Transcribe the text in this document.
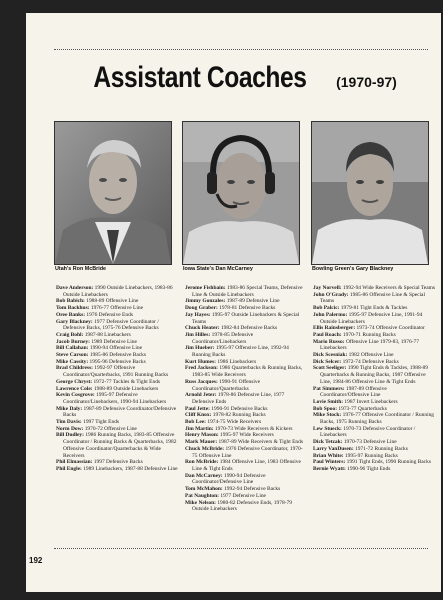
Assistant Coaches (1970-97)
Utah's Ron McBride	Iowa State's Dan McCarney	Bowling Green's Gary Blackney

Dave Anderson: 1990 Outside Linebackers, 1983-86 Outside Linebackers

Bob Babich: 1988-89 Offensive Line

Tom Backhus: 1976-77 Offensive Line

Oree Banks: 1976 Defensive Ends

Gary Blackney: 1977 Defensive Coordinator / Defensive Backs, 1975-76 Defensive Backs

Craig Bohl: 1987-88 Linebackers

Jacob Burney: 1989 Defensive Line

Bill Callahan: 1990-94 Offensive Line

Steve Carson: 1985-86 Defensive Backs

Mike Cassity: 1995-96 Defensive Backs

Brad Childress: 1992-97 Offensive Coordinator/Quarterbacks, 1991 Running Backs

George Chryst: 1972-77 Tackles & Tight Ends

Lawrence Cole: 1988-89 Outside Linebackers

Kevin Cosgrove: 1995-97 Defensive Coordinator/Linebackers, 1990-94 Linebackers

Mike Daly: 1987-89 Defensive Coordinator/Defensive Backs

Tim Davis: 1997 Tight Ends

Norm Dow: 1970-72 Offensive Line

Bill Dudley: 1986 Running Backs, 1983-85 Offensive Coordinator / Running Backs & Quarterbacks, 1982 Offensive Coordinator/Quarterbacks & Wide Receivers

Phil Elmassian: 1997 Defensive Backs

Phil Engle: 1989 Linebackers, 1987-88 Defensive Line

Jerome Fishbain: 1983-86 Special Teams, Defensive Line & Outside Linebackers

Jimmy Gonzales: 1987-89 Defensive Line

Doug Graber: 1978-81 Defensive Backs

Jay Hayes: 1995-97 Outside Linebackers & Special Teams

Chuck Heater: 1982-84 Defensive Backs

Jim Hilles: 1978-85 Defensive Coordinator/Linebackers

Jim Hueber: 1995-97 Offensive Line, 1992-94 Running Backs

Kurt Humes: 1986 Linebackers

Fred Jackson: 1986 Quarterbacks & Running Backs, 1983-85 Wide Receivers

Russ Jacques: 1990-91 Offensive Coordinator/Quarterbacks

Arnold Jeter: 1978-86 Defensive Line, 1977 Defensive Ends

Paul Jette: 1990-91 Defensive Backs

Cliff Knox: 1978-82 Running Backs

Bob Lee: 1974-75 Wide Receivers

Jim Martin: 1970-73 Wide Receivers & Kickers

Henry Mason: 1995-97 Wide Receivers

Mark Mauer: 1987-89 Wide Receivers & Tight Ends

Chuck McBride: 1976 Defensive Coordinator, 1970-75 Offensive Line

Ron McBride: 1984 Offensive Line, 1983 Offensive Line & Tight Ends

Dan McCarney: 1990-94 Defensive Coordinator/Defensive Line

Tom McMahon: 1992-94 Defensive Backs

Pat Naughton: 1977 Defensive Line

Mike Nelson: 1980-82 Defensive Ends, 1978-79 Outside Linebackers

Jay Norvell: 1992-94 Wide Receivers & Special Teams

John O'Grady: 1985-86 Offensive Line & Special Teams

Bob Palcic: 1979-81 Tight Ends & Tackles

John Palermo: 1995-97 Defensive Line, 1991-94 Outside Linebackers

Ellis Rainsberger: 1973-74 Offensive Coordinator

Paul Roach: 1970-71 Running Backs

Mario Russo: Offensive Line 1979-83, 1976-77 Linebackers

Dick Scesniak: 1982 Offensive Line

Dick Selcer: 1972-74 Defensive Backs

Scott Seeliger: 1990 Tight Ends & Tackles, 1988-89 Quarterbacks & Running Backs, 1987 Offensive Line, 1984-86 Offensive Line & Tight Ends

Pat Simmers: 1987-89 Offensive Coordinator/Offensive Line

Lovie Smith: 1987 Invert Linebackers

Bob Spoo: 1973-77 Quarterbacks

Mike Stock: 1976-77 Offensive Coordinator / Running Backs, 1975 Running Backs

Lew Stueck: 1970-73 Defensive Coordinator / Linebackers

Dick Tetzak: 1970-73 Defensive Line

Larry VanDusen: 1971-72 Running Backs

Brian White: 1995-97 Running Backs

Paul Winters: 1991 Tight Ends, 1990 Running Backs

Bernie Wyatt: 1990-96 Tight Ends

192
